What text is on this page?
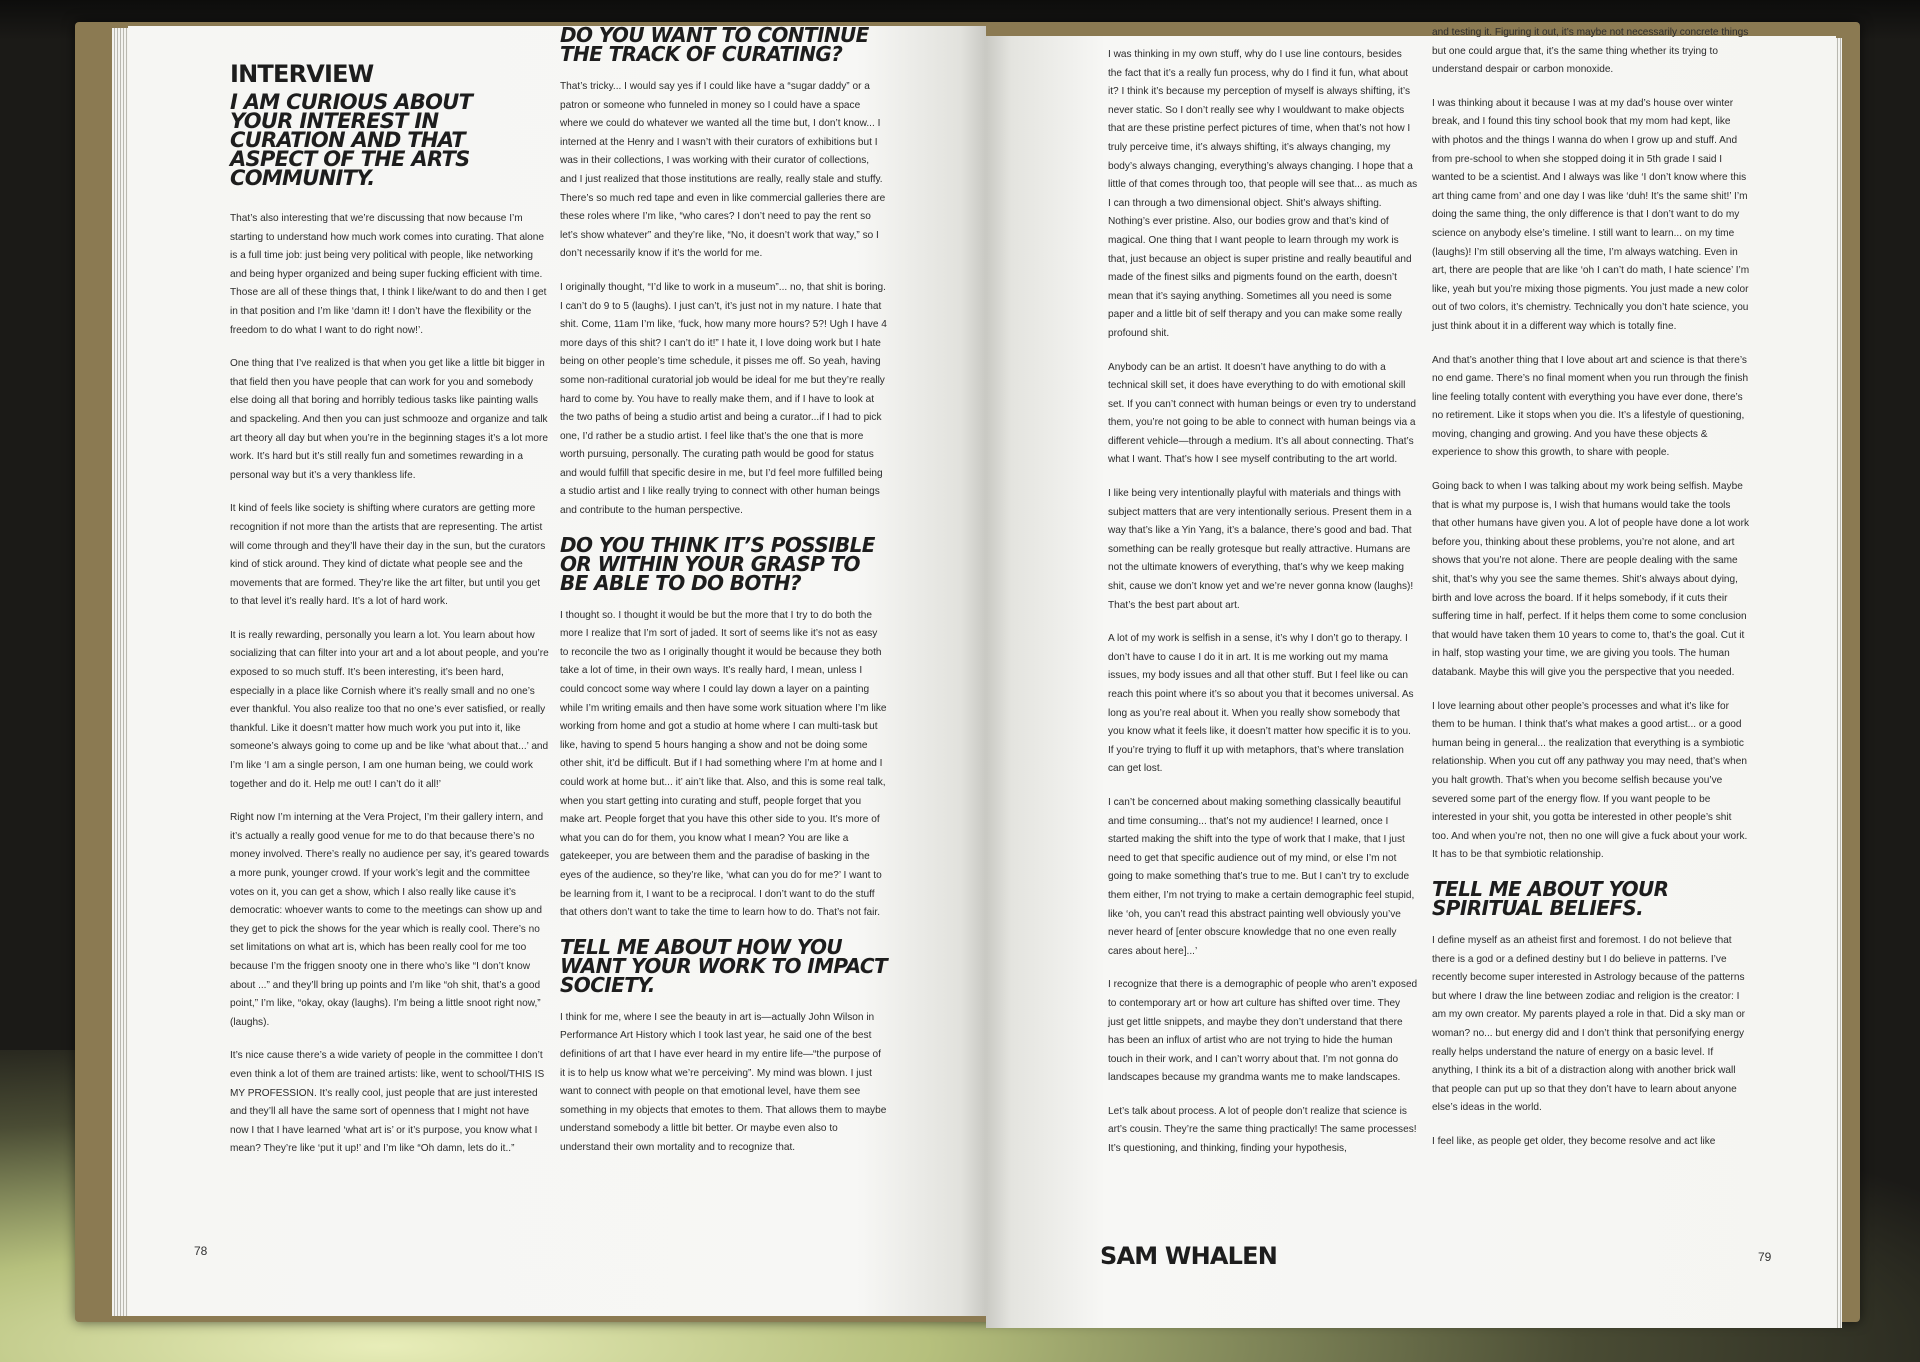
INTERVIEW
I AM CURIOUS ABOUT YOUR INTEREST IN CURATION AND THAT ASPECT OF THE ARTS COMMUNITY.

That’s also interesting that we’re discussing that now because I’m starting to understand how much work comes into curating. That alone is a full time job: just being very political with people, like networking and being hyper organized and being super fucking efficient with time. Those are all of these things that, I think I like/want to do and then I get in that position and I’m like ‘damn it! I don’t have the flexibility or the freedom to do what I want to do right now!’.

One thing that I’ve realized is that when you get like a little bit bigger in that field then you have people that can work for you and somebody else doing all that boring and horribly tedious tasks like painting walls and spackeling. And then you can just schmooze and organize and talk art theory all day but when you’re in the beginning stages it’s a lot more work. It’s hard but it’s still really fun and sometimes rewarding in a personal way but it’s a very thankless life.

It kind of feels like society is shifting where curators are getting more recognition if not more than the artists that are representing. The artist will come through and they’ll have their day in the sun, but the curators kind of stick around. They kind of dictate what people see and the movements that are formed. They’re like the art filter, but until you get to that level it’s really hard. It’s a lot of hard work.

It is really rewarding, personally you learn a lot. You learn about how socializing that can filter into your art and a lot about people, and you’re exposed to so much stuff. It’s been interesting, it’s been hard, especially in a place like Cornish where it’s really small and no one’s ever thankful. You also realize too that no one’s ever satisfied, or really thankful. Like it doesn’t matter how much work you put into it, like someone’s always going to come up and be like ‘what about that...’ and I’m like ‘I am a single person, I am one human being, we could work together and do it. Help me out! I can’t do it all!’

Right now I’m interning at the Vera Project, I’m their gallery intern, and it’s actually a really good venue for me to do that because there’s no money involved. There’s really no audience per say, it’s geared towards a more punk, younger crowd. If your work’s legit and the committee votes on it, you can get a show, which I also really like cause it’s democratic: whoever wants to come to the meetings can show up and they get to pick the shows for the year which is really cool. There’s no set limitations on what art is, which has been really cool for me too because I’m the friggen snooty one in there who’s like “I don’t know about ...” and they’ll bring up points and I’m like “oh shit, that’s a good point,” I’m like, “okay, okay (laughs). I’m being a little snoot right now,” (laughs).

It’s nice cause there’s a wide variety of people in the committee I don’t even think a lot of them are trained artists: like, went to school/THIS IS MY PROFESSION. It’s really cool, just people that are just interested and they’ll all have the same sort of openness that I might not have now I that I have learned ‘what art is’ or it’s purpose, you know what I mean? They’re like ‘put it up!’ and I’m like “Oh damn, lets do it..”

DO YOU WANT TO CONTINUE THE TRACK OF CURATING?

That’s tricky... I would say yes if I could like have a “sugar daddy” or a patron or someone who funneled in money so I could have a space where we could do whatever we wanted all the time but, I don’t know... I interned at the Henry and I wasn’t with their curators of exhibitions but I was in their collections, I was working with their curator of collections, and I just realized that those institutions are really, really stale and stuffy. There’s so much red tape and even in like commercial galleries there are these roles where I’m like, “who cares? I don’t need to pay the rent so let’s show whatever” and they’re like, “No, it doesn’t work that way,” so I don’t necessarily know if it’s the world for me.

I originally thought, “I’d like to work in a museum”... no, that shit is boring. I can’t do 9 to 5 (laughs). I just can’t, it’s just not in my nature. I hate that shit. Come, 11am I’m like, ‘fuck, how many more hours? 5?! Ugh I have 4 more days of this shit? I can’t do it!” I hate it, I love doing work but I hate being on other people’s time schedule, it pisses me off. So yeah, having some non-raditional curatorial job would be ideal for me but they’re really hard to come by. You have to really make them, and if I have to look at the two paths of being a studio artist and being a curator...if I had to pick one, I’d rather be a studio artist. I feel like that’s the one that is more worth pursuing, personally. The curating path would be good for status and would fulfill that specific desire in me, but I’d feel more fulfilled being a studio artist and I like really trying to connect with other human beings and contribute to the human perspective.

DO YOU THINK IT’S POSSIBLE OR WITHIN YOUR GRASP TO BE ABLE TO DO BOTH?

I thought so. I thought it would be but the more that I try to do both the more I realize that I’m sort of jaded. It sort of seems like it’s not as easy to reconcile the two as I originally thought it would be because they both take a lot of time, in their own ways. It’s really hard, I mean, unless I could concoct some way where I could lay down a layer on a painting while I’m writing emails and then have some work situation where I’m like working from home and got a studio at home where I can multi-task but like, having to spend 5 hours hanging a show and not be doing some other shit, it’d be difficult. But if I had something where I’m at home and I could work at home but... it’ ain’t like that. Also, and this is some real talk, when you start getting into curating and stuff, people forget that you make art. People forget that you have this other side to you. It’s more of what you can do for them, you know what I mean? You are like a gatekeeper, you are between them and the paradise of basking in the eyes of the audience, so they’re like, ‘what can you do for me?’ I want to be learning from it, I want to be a reciprocal. I don’t want to do the stuff that others don’t want to take the time to learn how to do. That’s not fair.

TELL ME ABOUT HOW YOU WANT YOUR WORK TO IMPACT SOCIETY.

I think for me, where I see the beauty in art is—actually John Wilson in Performance Art History which I took last year, he said one of the best definitions of art that I have ever heard in my entire life—“the purpose of it is to help us know what we’re perceiving”. My mind was blown. I just want to connect with people on that emotional level, have them see something in my objects that emotes to them. That allows them to maybe understand somebody a little bit better. Or maybe even also to understand their own mortality and to recognize that.

78

I was thinking in my own stuff, why do I use line contours, besides the fact that it’s a really fun process, why do I find it fun, what about it? I think it’s because my perception of myself is always shifting, it’s never static. So I don’t really see why I wouldwant to make objects that are these pristine perfect pictures of time, when that’s not how I truly perceive time, it’s always shifting, it’s always changing, my body’s always changing, everything’s always changing. I hope that a little of that comes through too, that people will see that... as much as I can through a two dimensional object. Shit’s always shifting. Nothing’s ever pristine. Also, our bodies grow and that’s kind of magical. One thing that I want people to learn through my work is that, just because an object is super pristine and really beautiful and made of the finest silks and pigments found on the earth, doesn’t mean that it’s saying anything. Sometimes all you need is some paper and a little bit of self therapy and you can make some really profound shit.

Anybody can be an artist. It doesn’t have anything to do with a technical skill set, it does have everything to do with emotional skill set. If you can’t connect with human beings or even try to understand them, you’re not going to be able to connect with human beings via a different vehicle—through a medium. It’s all about connecting. That’s what I want. That’s how I see myself contributing to the art world.

I like being very intentionally playful with materials and things with subject matters that are very intentionally serious. Present them in a way that’s like a Yin Yang, it’s a balance, there’s good and bad. That something can be really grotesque but really attractive. Humans are not the ultimate knowers of everything, that’s why we keep making shit, cause we don’t know yet and we’re never gonna know (laughs)! That’s the best part about art.

A lot of my work is selfish in a sense, it’s why I don’t go to therapy. I don’t have to cause I do it in art. It is me working out my mama issues, my body issues and all that other stuff. But I feel like ou can reach this point where it’s so about you that it becomes universal. As long as you’re real about it. When you really show somebody that you know what it feels like, it doesn’t matter how specific it is to you. If you’re trying to fluff it up with metaphors, that’s where translation can get lost.

I can’t be concerned about making something classically beautiful and time consuming... that’s not my audience! I learned, once I started making the shift into the type of work that I make, that I just need to get that specific audience out of my mind, or else I’m not going to make something that’s true to me. But I can’t try to exclude them either, I’m not trying to make a certain demographic feel stupid, like ‘oh, you can’t read this abstract painting well obviously you’ve never heard of [enter obscure knowledge that no one even really cares about here]...’

I recognize that there is a demographic of people who aren’t exposed to contemporary art or how art culture has shifted over time. They just get little snippets, and maybe they don’t understand that there has been an influx of artist who are not trying to hide the human touch in their work, and I can’t worry about that. I’m not gonna do landscapes because my grandma wants me to make landscapes.

Let’s talk about process. A lot of people don’t realize that science is art’s cousin. They’re the same thing practically! The same processes! It’s questioning, and thinking, finding your hypothesis,

SAM WHALEN

and testing it. Figuring it out, it’s maybe not necessarily concrete things but one could argue that, it’s the same thing whether its trying to understand despair or carbon monoxide.

I was thinking about it because I was at my dad’s house over winter break, and I found this tiny school book that my mom had kept, like with photos and the things I wanna do when I grow up and stuff. And from pre-school to when she stopped doing it in 5th grade I said I wanted to be a scientist. And I always was like ‘I don’t know where this art thing came from’ and one day I was like ‘duh! It’s the same shit!’ I’m doing the same thing, the only difference is that I don’t want to do my science on anybody else’s timeline. I still want to learn... on my time (laughs)! I’m still observing all the time, I’m always watching. Even in art, there are people that are like ‘oh I can’t do math, I hate science’ I’m like, yeah but you’re mixing those pigments. You just made a new color out of two colors, it’s chemistry. Technically you don’t hate science, you just think about it in a different way which is totally fine.

And that’s another thing that I love about art and science is that there’s no end game. There’s no final moment when you run through the finish line feeling totally content with everything you have ever done, there’s no retirement. Like it stops when you die. It’s a lifestyle of questioning, moving, changing and growing. And you have these objects & experience to show this growth, to share with people.

Going back to when I was talking about my work being selfish. Maybe that is what my purpose is, I wish that humans would take the tools that other humans have given you. A lot of people have done a lot work before you, thinking about these problems, you’re not alone, and art shows that you’re not alone. There are people dealing with the same shit, that’s why you see the same themes. Shit’s always about dying, birth and love across the board. If it helps somebody, if it cuts their suffering time in half, perfect. If it helps them come to some conclusion that would have taken them 10 years to come to, that’s the goal. Cut it in half, stop wasting your time, we are giving you tools. The human databank. Maybe this will give you the perspective that you needed.

I love learning about other people’s processes and what it’s like for them to be human. I think that’s what makes a good artist... or a good human being in general... the realization that everything is a symbiotic relationship. When you cut off any pathway you may need, that’s when you halt growth. That’s when you become selfish because you’ve severed some part of the energy flow. If you want people to be interested in your shit, you gotta be interested in other people’s shit too. And when you’re not, then no one will give a fuck about your work. It has to be that symbiotic relationship.

TELL ME ABOUT YOUR SPIRITUAL BELIEFS.

I define myself as an atheist first and foremost. I do not believe that there is a god or a defined destiny but I do believe in patterns. I’ve recently become super interested in Astrology because of the patterns but where I draw the line between zodiac and religion is the creator: I am my own creator. My parents played a role in that. Did a sky man or woman? no... but energy did and I don’t think that personifying energy really helps understand the nature of energy on a basic level. If anything, I think its a bit of a distraction along with another brick wall that people can put up so that they don’t have to learn about anyone else’s ideas in the world.

I feel like, as people get older, they become resolve and act like

79
